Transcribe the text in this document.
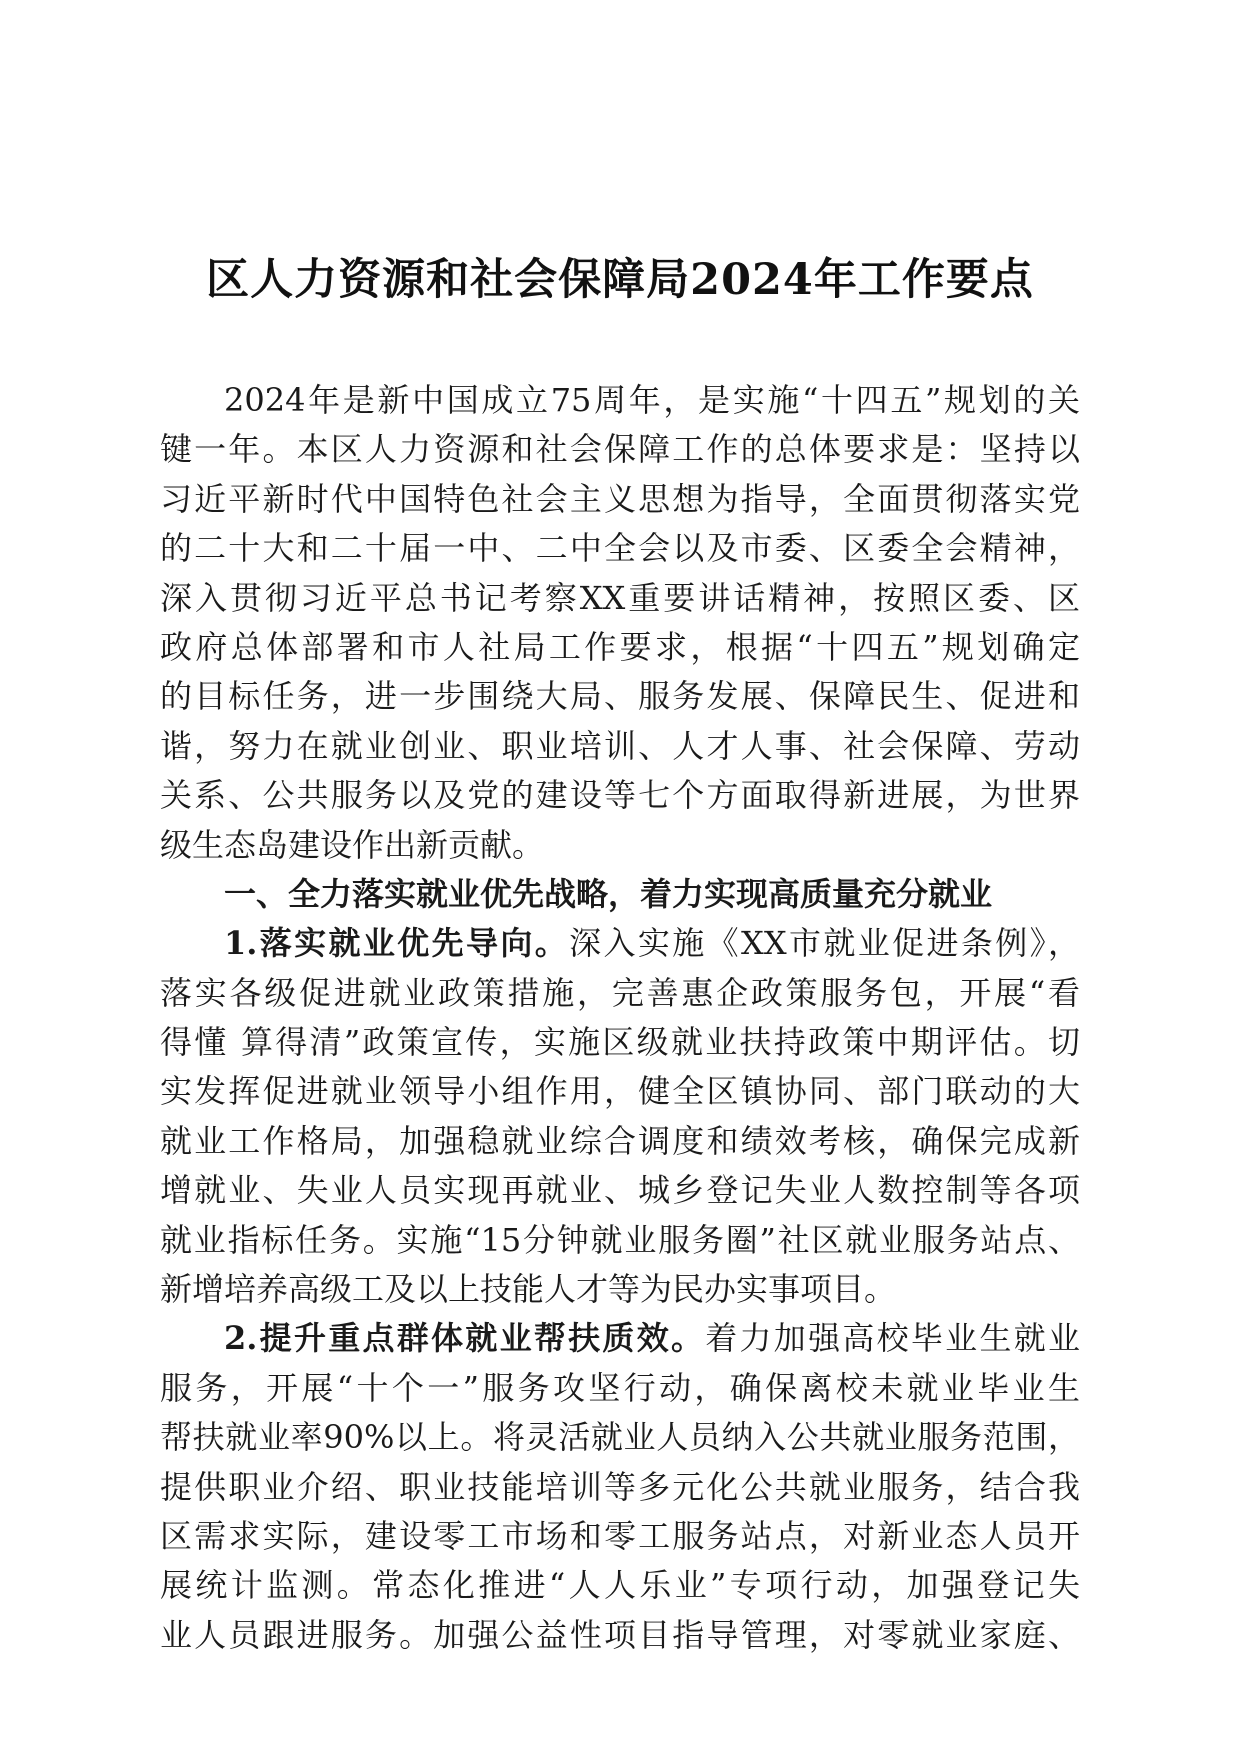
区人力资源和社会保障局2024年工作要点
2024年是新中国成立75周年，是实施“十四五”规划的关
键一年。本区人力资源和社会保障工作的总体要求是：坚持以
习近平新时代中国特色社会主义思想为指导，全面贯彻落实党
的二十大和二十届一中、二中全会以及市委、区委全会精神，
深入贯彻习近平总书记考察XX重要讲话精神，按照区委、区
政府总体部署和市人社局工作要求，根据“十四五”规划确定
的目标任务，进一步围绕大局、服务发展、保障民生、促进和
谐，努力在就业创业、职业培训、人才人事、社会保障、劳动
关系、公共服务以及党的建设等七个方面取得新进展，为世界
级生态岛建设作出新贡献。
一、全力落实就业优先战略，着力实现高质量充分就业
1.落实就业优先导向。深入实施《XX市就业促进条例》，
落实各级促进就业政策措施，完善惠企政策服务包，开展“看
得懂 算得清”政策宣传，实施区级就业扶持政策中期评估。切
实发挥促进就业领导小组作用，健全区镇协同、部门联动的大
就业工作格局，加强稳就业综合调度和绩效考核，确保完成新
增就业、失业人员实现再就业、城乡登记失业人数控制等各项
就业指标任务。实施“15分钟就业服务圈”社区就业服务站点、
新增培养高级工及以上技能人才等为民办实事项目。
2.提升重点群体就业帮扶质效。着力加强高校毕业生就业
服务，开展“十个一”服务攻坚行动，确保离校未就业毕业生
帮扶就业率90%以上。将灵活就业人员纳入公共就业服务范围，
提供职业介绍、职业技能培训等多元化公共就业服务，结合我
区需求实际，建设零工市场和零工服务站点，对新业态人员开
展统计监测。常态化推进“人人乐业”专项行动，加强登记失
业人员跟进服务。加强公益性项目指导管理，对零就业家庭、
